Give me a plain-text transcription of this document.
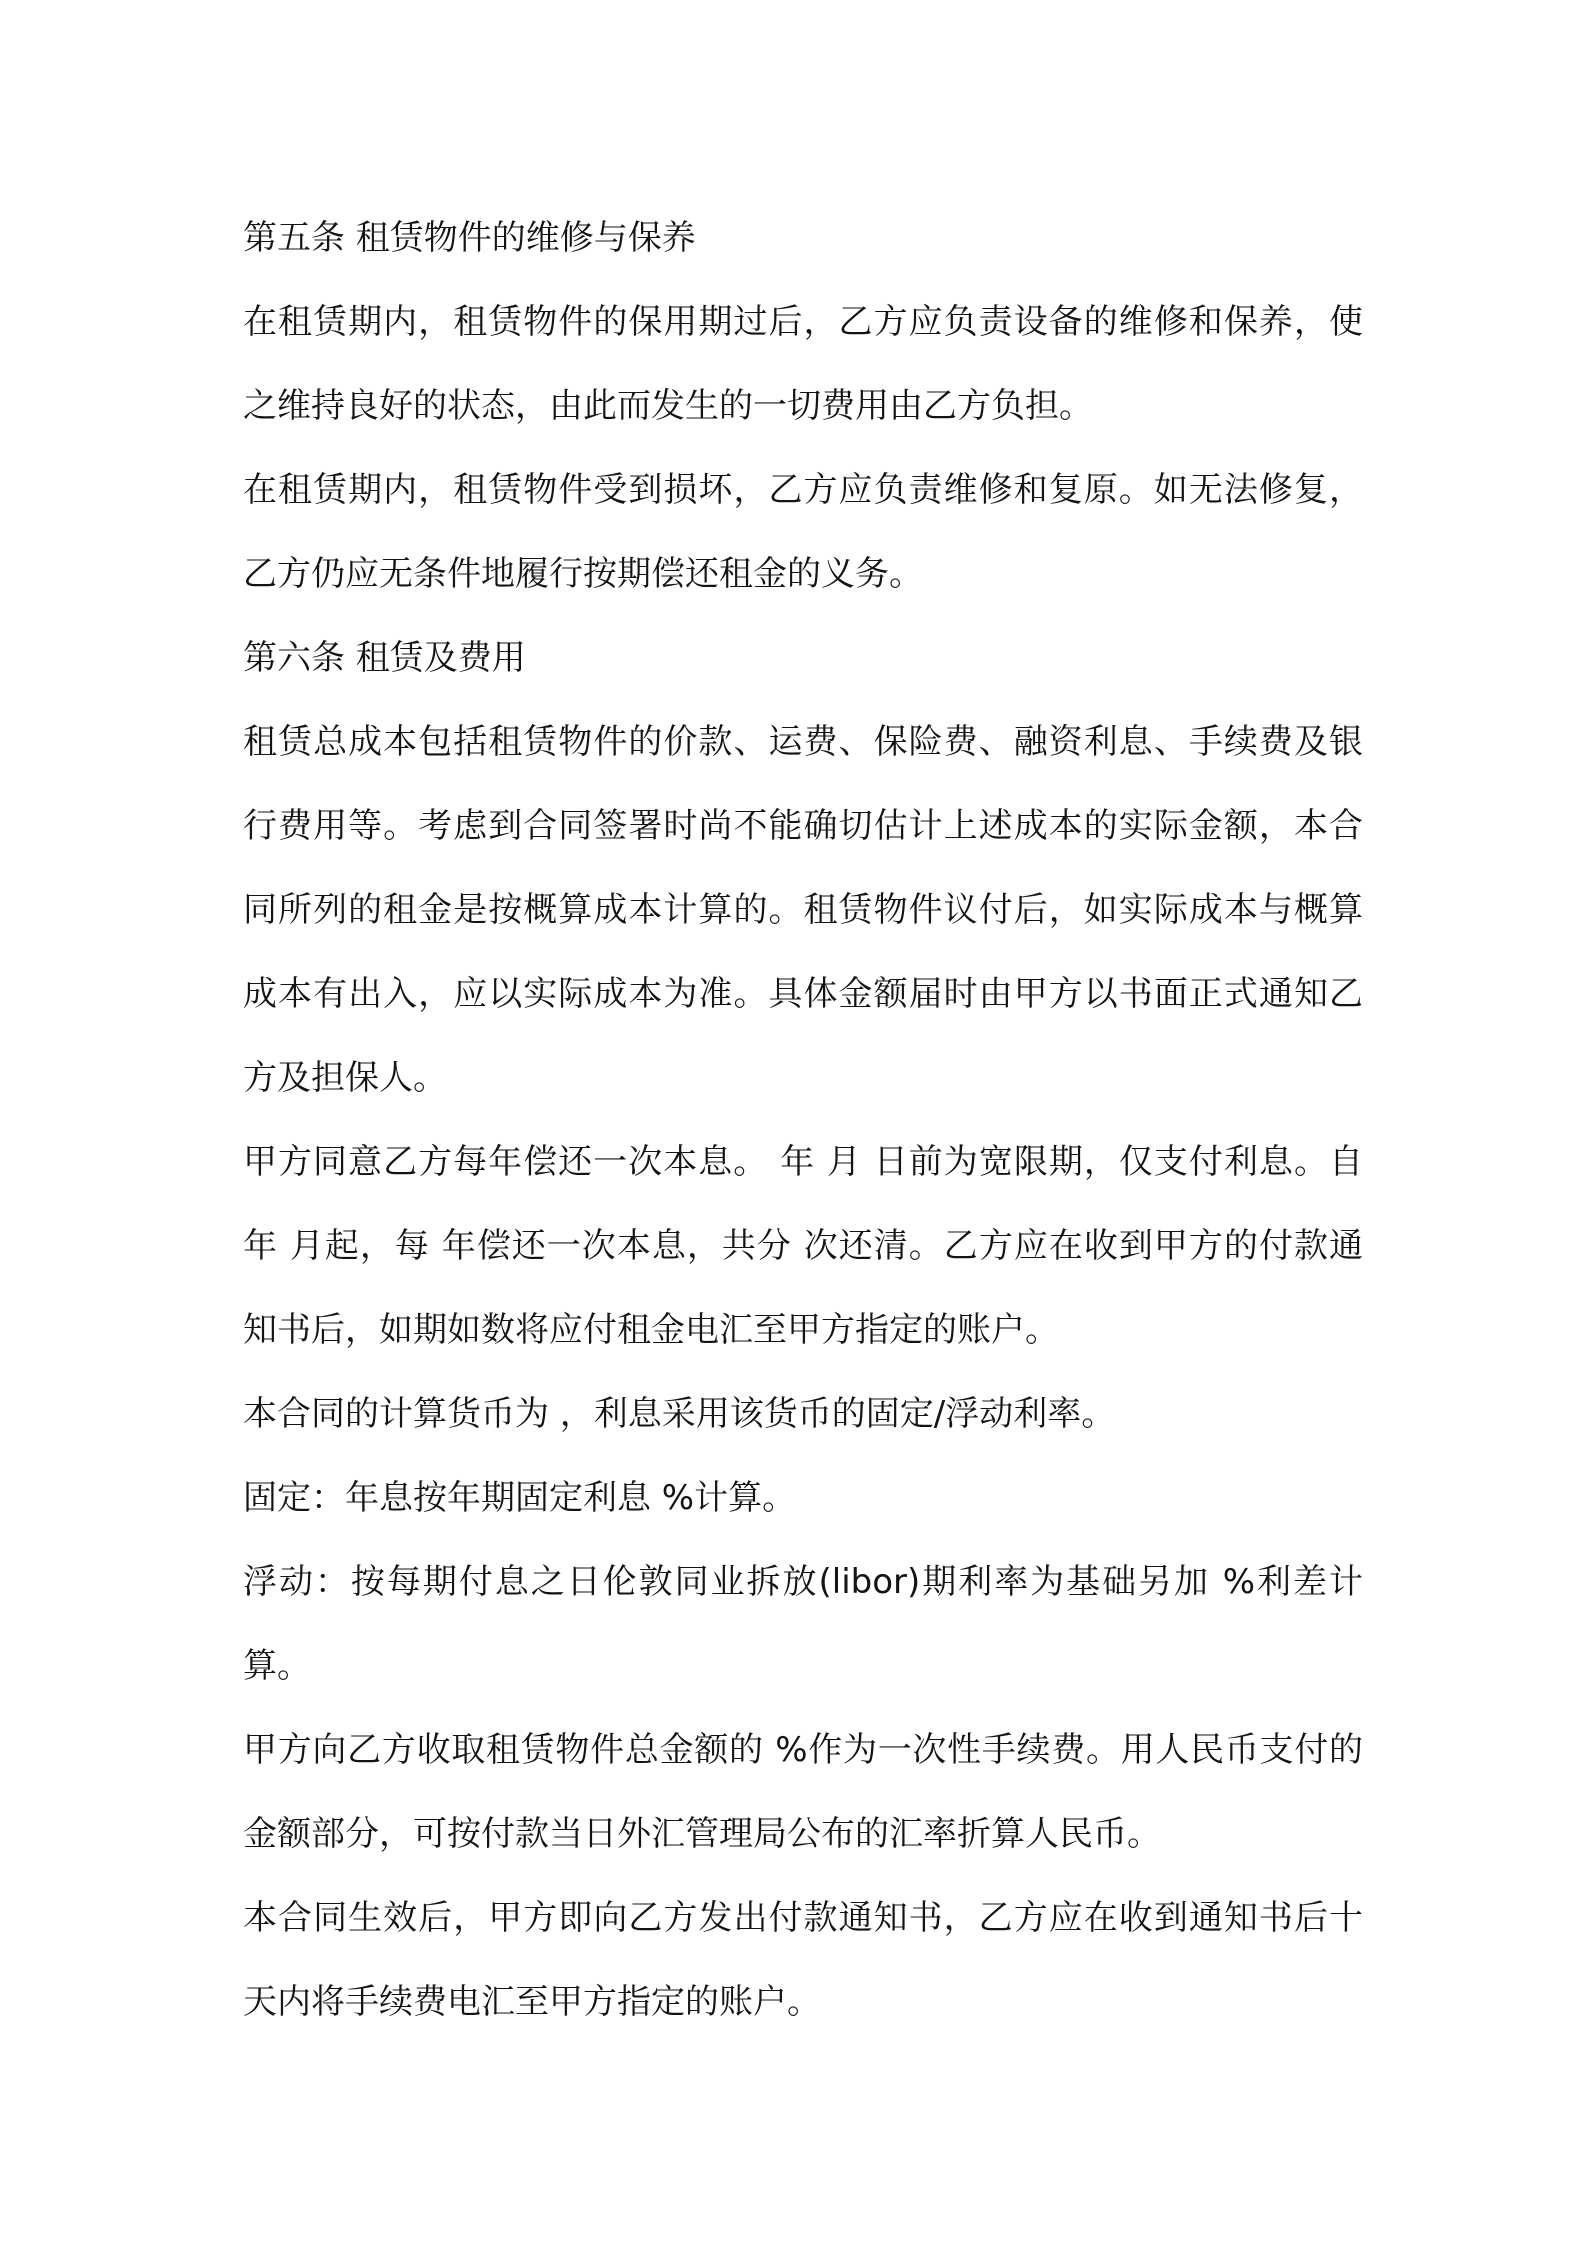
第五条 租赁物件的维修与保养

在租赁期内，租赁物件的保用期过后，乙方应负责设备的维修和保养，使之维持良好的状态，由此而发生的一切费用由乙方负担。

在租赁期内，租赁物件受到损坏，乙方应负责维修和复原。如无法修复，乙方仍应无条件地履行按期偿还租金的义务。

第六条 租赁及费用

租赁总成本包括租赁物件的价款、运费、保险费、融资利息、手续费及银行费用等。考虑到合同签署时尚不能确切估计上述成本的实际金额，本合同所列的租金是按概算成本计算的。租赁物件议付后，如实际成本与概算成本有出入，应以实际成本为准。具体金额届时由甲方以书面正式通知乙方及担保人。

甲方同意乙方每年偿还一次本息。 年 月 日前为宽限期，仅支付利息。自 年 月起，每 年偿还一次本息，共分 次还清。乙方应在收到甲方的付款通知书后，如期如数将应付租金电汇至甲方指定的账户。

本合同的计算货币为 ，利息采用该货币的固定/浮动利率。

固定：年息按年期固定利息 %计算。

浮动：按每期付息之日伦敦同业拆放(libor)期利率为基础另加 %利差计算。

甲方向乙方收取租赁物件总金额的 %作为一次性手续费。用人民币支付的金额部分，可按付款当日外汇管理局公布的汇率折算人民币。

本合同生效后，甲方即向乙方发出付款通知书，乙方应在收到通知书后十天内将手续费电汇至甲方指定的账户。
